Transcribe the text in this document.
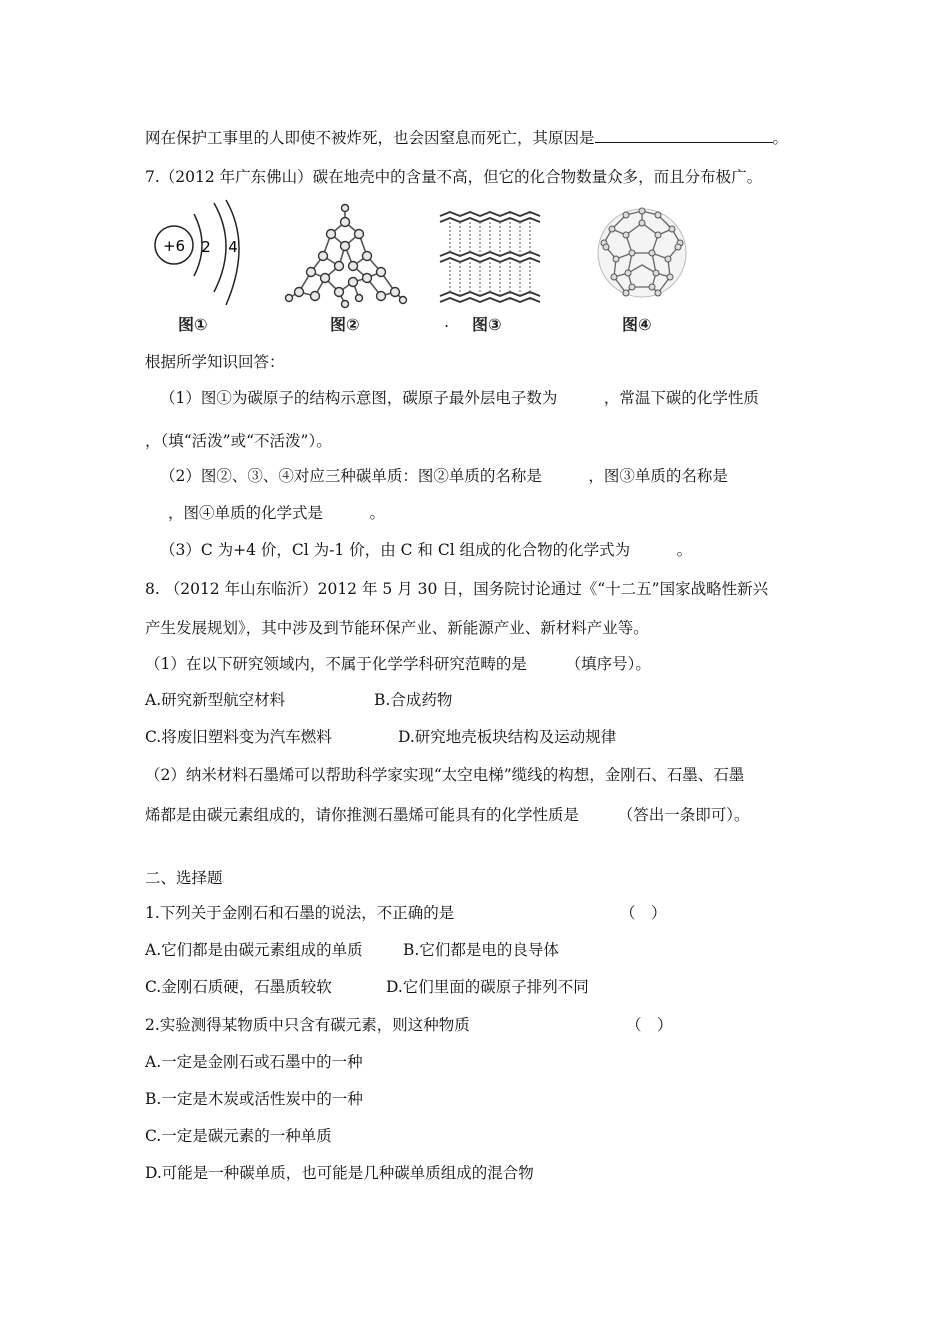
网在保护工事里的人即使不被炸死，也会因窒息而死亡，其原因是	。
7.（2012 年广东佛山）碳在地壳中的含量不高，但它的化合物数量众多，而且分布极广。
+6 2 4
图①	图②	. 图③	图④
根据所学知识回答：
（1）图①为碳原子的结构示意图，碳原子最外层电子数为　　　，常温下碳的化学性质
，（填“活泼”或“不活泼”）。
（2）图②、③、④对应三种碳单质：图②单质的名称是　　　，图③单质的名称是
，图④单质的化学式是　　　。
（3）C 为+4 价，Cl 为-1 价，由 C 和 Cl 组成的化合物的化学式为　　　。
8. （2012 年山东临沂）2012 年 5 月 30 日，国务院讨论通过《“十二五”国家战略性新兴
产生发展规划》，其中涉及到节能环保产业、新能源产业、新材料产业等。
（1）在以下研究领域内，不属于化学学科研究范畴的是　　　（填序号）。
A.研究新型航空材料	B.合成药物
C.将废旧塑料变为汽车燃料	D.研究地壳板块结构及运动规律
（2）纳米材料石墨烯可以帮助科学家实现“太空电梯”缆线的构想，金刚石、石墨、石墨
烯都是由碳元素组成的，请你推测石墨烯可能具有的化学性质是　　　（答出一条即可）。
二、选择题
1.下列关于金刚石和石墨的说法，不正确的是	（　）
A.它们都是由碳元素组成的单质	B.它们都是电的良导体
C.金刚石质硬，石墨质较软	D.它们里面的碳原子排列不同
2.实验测得某物质中只含有碳元素，则这种物质	（　）
A.一定是金刚石或石墨中的一种
B.一定是木炭或活性炭中的一种
C.一定是碳元素的一种单质
D.可能是一种碳单质，也可能是几种碳单质组成的混合物
